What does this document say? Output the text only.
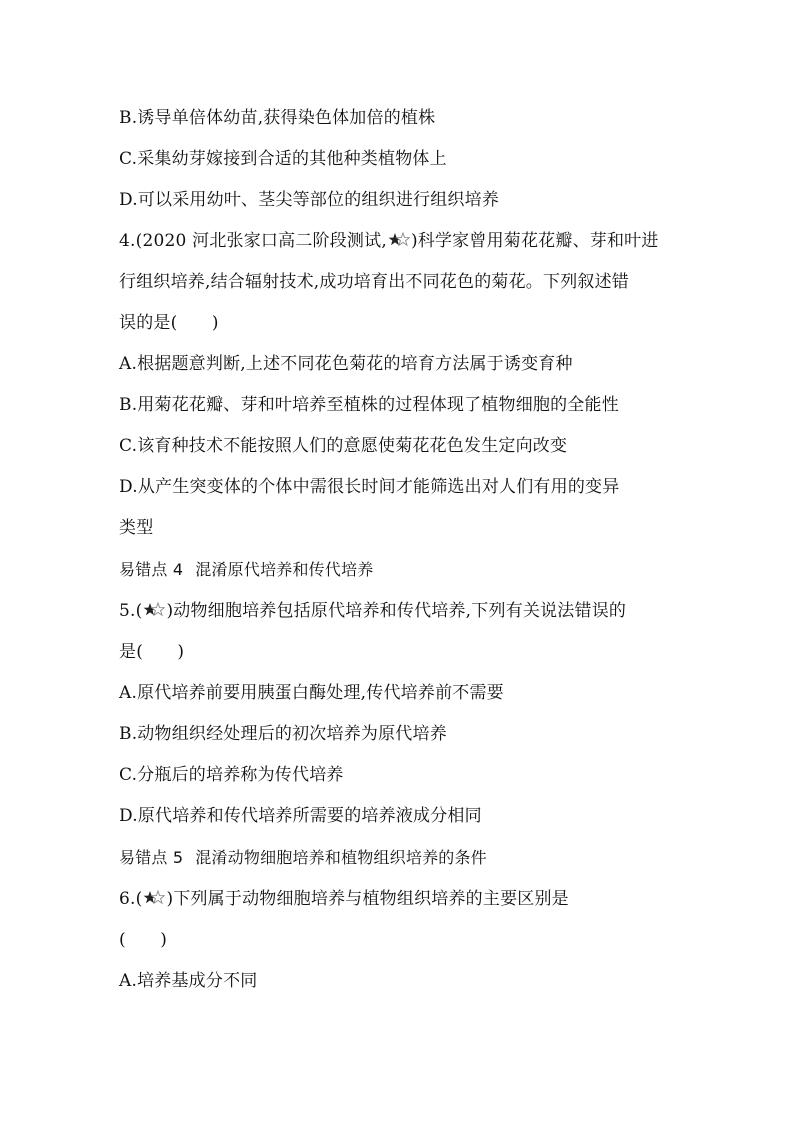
B.诱导单倍体幼苗,获得染色体加倍的植株
C.采集幼芽嫁接到合适的其他种类植物体上
D.可以采用幼叶、茎尖等部位的组织进行组织培养
4.(2020 河北张家口高二阶段测试, )科学家曾用菊花花瓣、芽和叶进
行组织培养,结合辐射技术,成功培育出不同花色的菊花。下列叙述错
误的是(　　)
A.根据题意判断,上述不同花色菊花的培育方法属于诱变育种
B.用菊花花瓣、芽和叶培养至植株的过程体现了植物细胞的全能性
C.该育种技术不能按照人们的意愿使菊花花色发生定向改变
D.从产生突变体的个体中需很长时间才能筛选出对人们有用的变异
类型
易错点 4 混淆原代培养和传代培养
5.( )动物细胞培养包括原代培养和传代培养,下列有关说法错误的
是(　　)
A.原代培养前要用胰蛋白酶处理,传代培养前不需要
B.动物组织经处理后的初次培养为原代培养
C.分瓶后的培养称为传代培养
D.原代培养和传代培养所需要的培养液成分相同
易错点 5 混淆动物细胞培养和植物组织培养的条件
6.( )下列属于动物细胞培养与植物组织培养的主要区别是
(　　)
A.培养基成分不同
